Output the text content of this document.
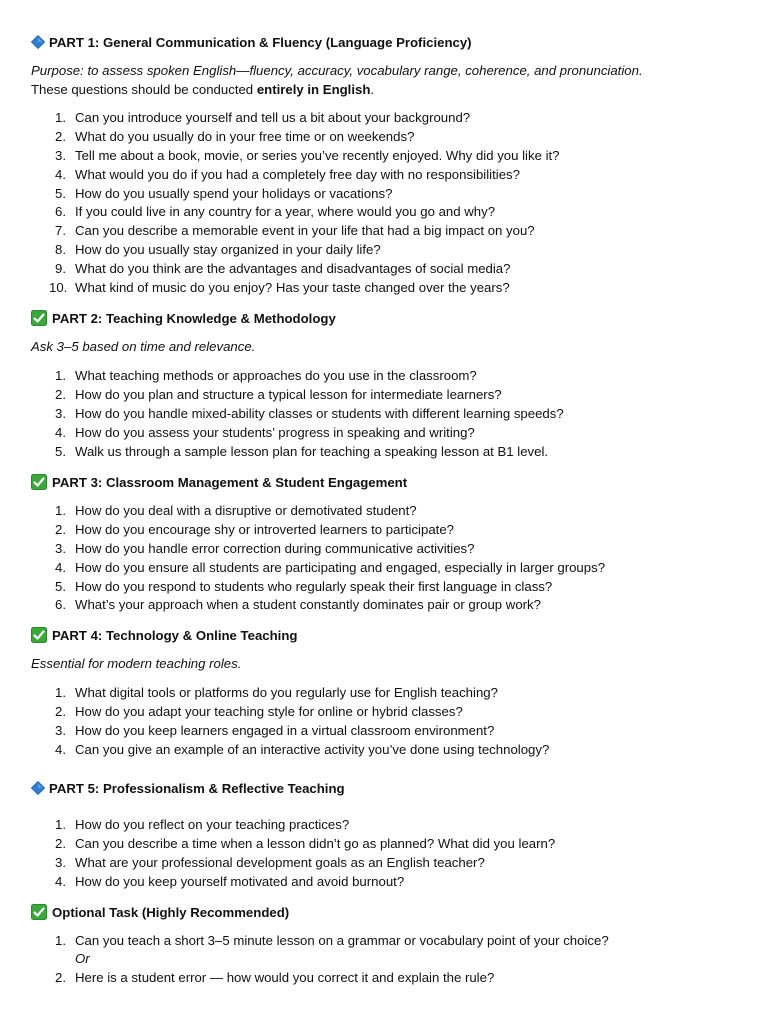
PART 1: General Communication & Fluency (Language Proficiency)
Purpose: to assess spoken English—fluency, accuracy, vocabulary range, coherence, and pronunciation.
These questions should be conducted entirely in English.
1. Can you introduce yourself and tell us a bit about your background?
2. What do you usually do in your free time or on weekends?
3. Tell me about a book, movie, or series you’ve recently enjoyed. Why did you like it?
4. What would you do if you had a completely free day with no responsibilities?
5. How do you usually spend your holidays or vacations?
6. If you could live in any country for a year, where would you go and why?
7. Can you describe a memorable event in your life that had a big impact on you?
8. How do you usually stay organized in your daily life?
9. What do you think are the advantages and disadvantages of social media?
10. What kind of music do you enjoy? Has your taste changed over the years?
PART 2: Teaching Knowledge & Methodology
Ask 3–5 based on time and relevance.
1. What teaching methods or approaches do you use in the classroom?
2. How do you plan and structure a typical lesson for intermediate learners?
3. How do you handle mixed-ability classes or students with different learning speeds?
4. How do you assess your students’ progress in speaking and writing?
5. Walk us through a sample lesson plan for teaching a speaking lesson at B1 level.
PART 3: Classroom Management & Student Engagement
1. How do you deal with a disruptive or demotivated student?
2. How do you encourage shy or introverted learners to participate?
3. How do you handle error correction during communicative activities?
4. How do you ensure all students are participating and engaged, especially in larger groups?
5. How do you respond to students who regularly speak their first language in class?
6. What’s your approach when a student constantly dominates pair or group work?
PART 4: Technology & Online Teaching
Essential for modern teaching roles.
1. What digital tools or platforms do you regularly use for English teaching?
2. How do you adapt your teaching style for online or hybrid classes?
3. How do you keep learners engaged in a virtual classroom environment?
4. Can you give an example of an interactive activity you’ve done using technology?
PART 5: Professionalism & Reflective Teaching
1. How do you reflect on your teaching practices?
2. Can you describe a time when a lesson didn’t go as planned? What did you learn?
3. What are your professional development goals as an English teacher?
4. How do you keep yourself motivated and avoid burnout?
Optional Task (Highly Recommended)
1. Can you teach a short 3–5 minute lesson on a grammar or vocabulary point of your choice?
Or
2. Here is a student error — how would you correct it and explain the rule?
